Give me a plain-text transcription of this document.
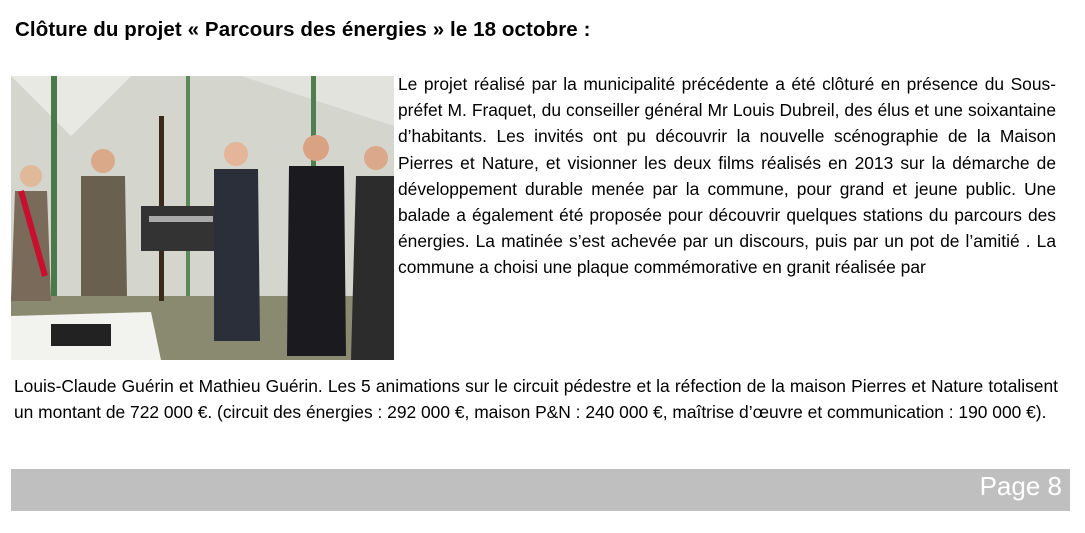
Clôture du projet « Parcours des énergies » le 18 octobre :
Le projet réalisé par la municipalité précédente a été clôturé en présence du Sous-préfet M. Fraquet, du conseiller général Mr Louis Dubreil, des élus et une soixantaine d’habitants. Les invités ont pu découvrir la nouvelle scénographie de la Maison Pierres et Nature, et visionner les deux films réalisés en 2013 sur la démarche de développement durable menée par la commune, pour grand et jeune public. Une balade a également été proposée pour découvrir quelques stations du parcours des énergies. La matinée s’est achevée par un discours, puis par un pot de l’amitié . La commune a choisi une plaque commémorative en granit réalisée par
Louis-Claude Guérin et Mathieu Guérin. Les 5 animations sur le circuit pédestre et la réfection de la maison Pierres et Nature totalisent un montant de 722 000 €. (circuit des énergies : 292 000 €, maison P&N : 240 000 €, maîtrise d’œuvre et communication : 190 000 €).
Page 8
